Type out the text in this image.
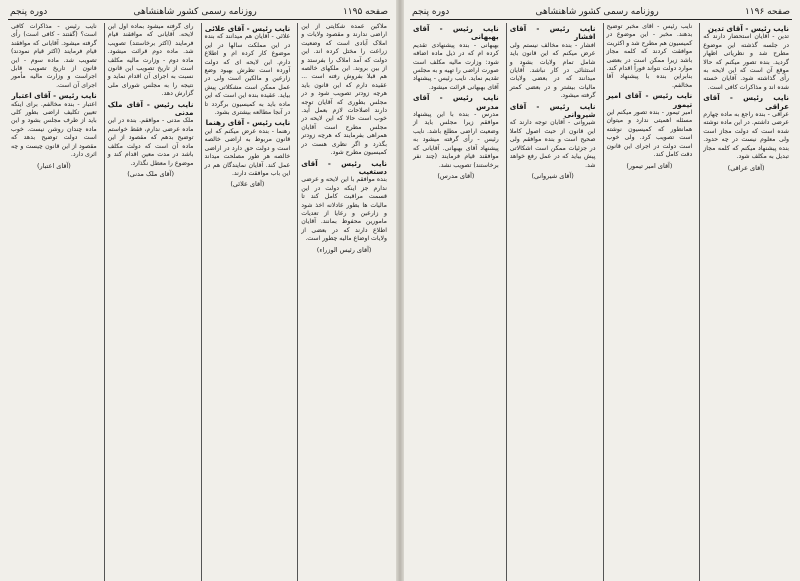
صفحه ۱۱۹۵
روزنامه رسمی کشور شاهنشاهی
دوره پنجم

ملاکین عمده شکایتی از این اراضی ندارند و مقصود ولایات و املاک آبادی است که وضعیت زراعت را مختل کرده اند. این دولت که آمد املاک را بفرستد و از بین بروند. این ملکهای خالصه هم قبلا بفروش رفته است ... عقیده دارم که این قانون باید هرچه زودتر تصویب شود و در مجلس بطوری که آقایان توجه دارند اصلاحات لازم بعمل آید. خوب است حالا که این لایحه در مجلس مطرح است آقایان همراهی بفرمایند که هرچه زودتر بگذرد و اگر نظری هست در کمیسیون مطرح شود.

نایب رئیس - آقای دستغیب

بنده موافقم با این لایحه و عرضی ندارم جز اینکه دولت در این قسمت مراقبت کامل کند تا مالیات ها بطور عادلانه اخذ شود و زارعین و رعایا از تعدیات مامورین محفوظ بمانند. آقایان اطلاع دارند که در بعضی از ولایات اوضاع مالیه چطور است.

(آقای رئیس الوزراء)
نایب رئیس - آقای علائی

علائی - آقایان هم میدانند که بنده در این مملکت سالها در این موضوع کار کرده ام و اطلاع دارم. این لایحه ای که دولت آورده است نظرش بهبود وضع زارعین و مالکین است ولی در عمل ممکن است مشکلاتی پیش بیاید. عقیده بنده این است که این ماده باید به کمیسیون برگردد تا در آنجا مطالعه بیشتری بشود.

نایب رئیس - آقای رهنما

رهنما - بنده عرض میکنم که این قانون مربوط به اراضی خالصه است و دولت حق دارد در اراضی خالصه هر طور مصلحت میداند عمل کند. آقایان نمایندگان هم در این باب موافقت دارند.

(آقای علائی)

رأی گرفته میشود بماده اول این لایحه. آقایانی که موافقند قیام فرمایند (اکثر برخاستند) تصویب شد. ماده دوم قرائت میشود. ماده دوم - وزارت مالیه مکلف است از تاریخ تصویب این قانون نسبت به اجرای آن اقدام نماید و نتیجه را به مجلس شورای ملی گزارش دهد.

نایب رئیس - آقای ملک مدنی

ملک مدنی - موافقم. بنده در این ماده عرضی ندارم، فقط خواستم توضیح بدهم که مقصود از این ماده آن است که دولت مکلف باشد در مدت معین اقدام کند و موضوع را معطل نگذارد.

(آقای ملک مدنی)

نایب رئیس - مذاکرات کافی است؟ (گفتند - کافی است) رأی گرفته میشود. آقایانی که موافقند قیام فرمایند (اکثر قیام نمودند) تصویب شد. ماده سوم - این قانون از تاریخ تصویب قابل اجراست و وزارت مالیه مأمور اجرای آن است.

نایب رئیس - آقای اعتبار

اعتبار - بنده مخالفم. برای اینکه تعیین تکلیف اراضی بطور کلی باید از طرف مجلس بشود و این ماده چندان روشن نیست. خوب است دولت توضیح بدهد که مقصود از این قانون چیست و چه اثری دارد.

(آقای اعتبار)
صفحه ۱۱۹۶
روزنامه رسمی کشور شاهنشاهی
دوره پنجم
نایب رئیس - آقای تدین

تدین - آقایان استحضار دارند که در جلسه گذشته این موضوع مطرح شد و نظریاتی اظهار گردید. بنده تصور میکنم که حالا موقع آن است که این لایحه به رأی گذاشته شود. آقایان خسته شده اند و مذاکرات کافی است.

نایب رئیس - آقای عراقی

عراقی - بنده راجع به ماده چهارم عرضی داشتم. در این ماده نوشته شده است که دولت مجاز است ولی معلوم نیست در چه حدود. بنده پیشنهاد میکنم که کلمه مجاز تبدیل به مکلف شود.

(آقای عراقی)

نایب رئیس - آقای مخبر توضیح بدهند. مخبر - این موضوع در کمیسیون هم مطرح شد و اکثریت موافقت کردند که کلمه مجاز باشد زیرا ممکن است در بعضی موارد دولت نتواند فوراً اقدام کند. بنابراین بنده با پیشنهاد آقا مخالفم.

نایب رئیس - آقای امیر تیمور

امیر تیمور - بنده تصور میکنم این مسئله اهمیتی ندارد و میتوان همانطور که کمیسیون نوشته است تصویب کرد. ولی خوب است دولت در اجرای این قانون دقت کامل کند.

(آقای امیر تیمور)
نایب رئیس - آقای افشار

افشار - بنده مخالف نیستم ولی عرض میکنم که این قانون باید شامل تمام ولایات بشود و استثنائی در کار نباشد. آقایان میدانند که در بعضی ولایات مالیات بیشتر و در بعضی کمتر گرفته میشود.

نایب رئیس - آقای شیروانی

شیروانی - آقایان توجه دارند که این قانون از حیث اصول کاملا صحیح است و بنده موافقم ولی در جزئیات ممکن است اشکالاتی پیش بیاید که در عمل رفع خواهد شد.

(آقای شیروانی)
نایب رئیس - آقای بهبهانی

بهبهانی - بنده پیشنهادی تقدیم کرده ام که در ذیل ماده اضافه شود: وزارت مالیه مکلف است صورت اراضی را تهیه و به مجلس تقدیم نماید. نایب رئیس - پیشنهاد آقای بهبهانی قرائت میشود.

نایب رئیس - آقای مدرس

مدرس - بنده با این پیشنهاد موافقم زیرا مجلس باید از وضعیت اراضی مطلع باشد. نایب رئیس - رأی گرفته میشود به پیشنهاد آقای بهبهانی. آقایانی که موافقند قیام فرمایند (چند نفر برخاستند) تصویب نشد.

(آقای مدرس)
